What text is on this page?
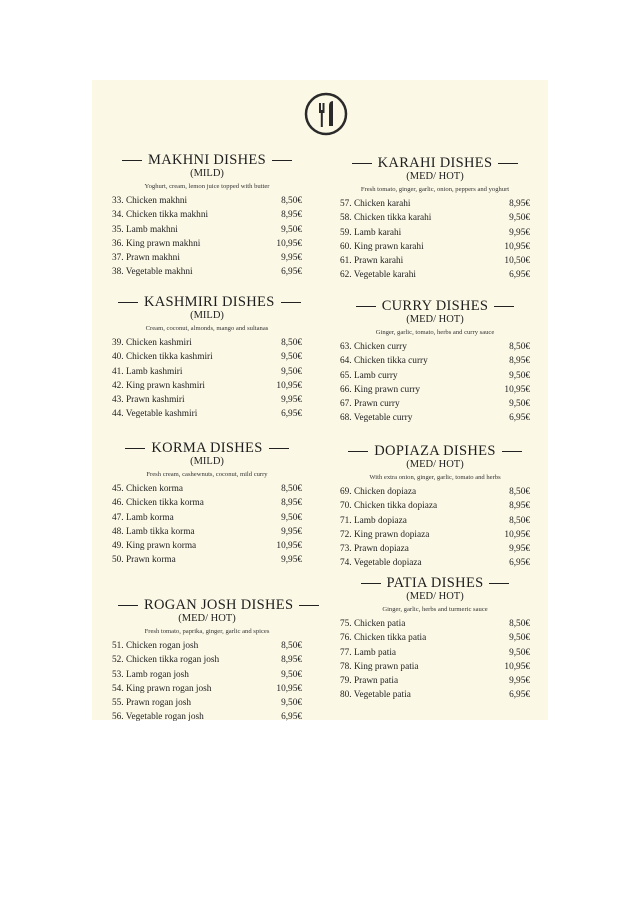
MAKHNI DISHES
(MILD)
Yoghurt, cream, lemon juice topped with butter
33. Chicken makhni	8,50€
34. Chicken tikka makhni	8,95€
35. Lamb makhni	9,50€
36. King prawn makhni	10,95€
37. Prawn makhni	9,95€
38. Vegetable makhni	6,95€
KASHMIRI DISHES
(MILD)
Cream, coconut, almonds, mango and sultanas
39. Chicken kashmiri	8,50€
40. Chicken tikka kashmiri	9,50€
41. Lamb kashmiri	9,50€
42. King prawn kashmiri	10,95€
43. Prawn kashmiri	9,95€
44. Vegetable kashmiri	6,95€
KORMA DISHES
(MILD)
Fresh cream, cashewnuts, coconut, mild curry
45. Chicken korma	8,50€
46. Chicken tikka korma	8,95€
47. Lamb korma	9,50€
48. Lamb tikka korma	9,95€
49. King prawn korma	10,95€
50. Prawn korma	9,95€
ROGAN JOSH DISHES
(MED/ HOT)
Fresh tomato, paprika, ginger, garlic and spices
51. Chicken rogan josh	8,50€
52. Chicken tikka rogan josh	8,95€
53. Lamb rogan josh	9,50€
54. King prawn rogan josh	10,95€
55. Prawn rogan josh	9,50€
56. Vegetable rogan josh	6,95€
KARAHI DISHES
(MED/ HOT)
Fresh tomato, ginger, garlic, onion, peppers and yoghurt
57. Chicken karahi	8,95€
58. Chicken tikka karahi	9,50€
59. Lamb karahi	9,95€
60. King prawn karahi	10,95€
61. Prawn karahi	10,50€
62. Vegetable karahi	6,95€
CURRY DISHES
(MED/ HOT)
Ginger, garlic, tomato, herbs and curry sauce
63. Chicken curry	8,50€
64. Chicken tikka curry	8,95€
65. Lamb curry	9,50€
66. King prawn curry	10,95€
67. Prawn curry	9,50€
68. Vegetable curry	6,95€
DOPIAZA DISHES
(MED/ HOT)
With extra onion, ginger, garlic, tomato and herbs
69. Chicken dopiaza	8,50€
70. Chicken tikka dopiaza	8,95€
71. Lamb dopiaza	8,50€
72. King prawn dopiaza	10,95€
73. Prawn dopiaza	9,95€
74. Vegetable dopiaza	6,95€
PATIA DISHES
(MED/ HOT)
Ginger, garlic, herbs and turmeric sauce
75. Chicken patia	8,50€
76. Chicken tikka patia	9,50€
77. Lamb patia	9,50€
78. King prawn patia	10,95€
79. Prawn patia	9,95€
80. Vegetable patia	6,95€
